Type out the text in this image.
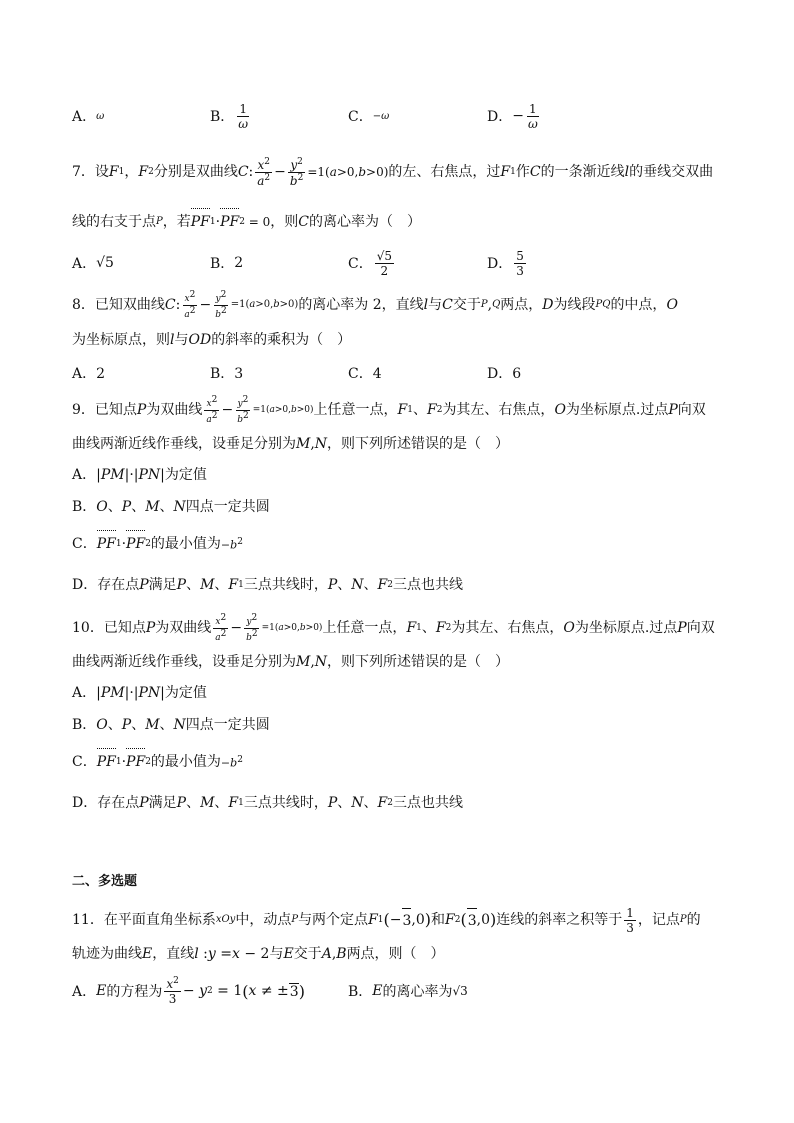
A． ω	B． $\frac{1}{\omega}$	C． −ω	D． − $\frac{1}{\omega}$
7．设 F 1 ， F 2 分别是双曲线 C : $\frac{x^2}{a^2} - \frac{y^2}{b^2} =1(a>0,b>0)$ 的左、右焦点，过 F 1 作 C 的一条渐近线 l 的垂线交双曲
线的右支于点 P ，若 PF 1 · PF 2 = 0 ，则 C 的离心率为（　）
A． √5	B． 2	C． $\frac{√5}{2}$	D． $\frac{5}{3}$
8．已知双曲线 C : $\frac{x2}{a2} - \frac{y2}{b2} =1(a>0,b>0)$ 的离心率为 2，直线 l 与 C 交于 P , Q 两点， D 为线段 PQ 的中点， O
为坐标原点，则 l 与 OD 的斜率的乘积为（　）
A．2	B．3	C．4	D．6
9．已知点 P 为双曲线 $\frac{x2}{a2} - \frac{y2}{b2} =1(a>0,b>0)$ 上任意一点， F 1 、 F 2 为其左、右焦点， O 为坐标原点.过点 P 向双
曲线两渐近线作垂线，设垂足分别为 M , N ，则下列所述错误的是（　）
A． | PM |·| PN | 为定值
B． O 、 P 、 M 、 N 四点一定共圆
C． PF 1 · PF 2 的最小值为 $-b^2$
D．存在点 P 满足 P 、 M 、 F 1 三点共线时， P 、 N 、 F 2 三点也共线
10．已知点 P 为双曲线 $\frac{x2}{a2} - \frac{y2}{b2} =1(a>0,b>0)$ 上任意一点， F 1 、 F 2 为其左、右焦点， O 为坐标原点.过点 P 向双
曲线两渐近线作垂线，设垂足分别为 M , N ，则下列所述错误的是（　）
A． | PM |·| PN | 为定值
B． O 、 P 、 M 、 N 四点一定共圆
C． PF 1 · PF 2 的最小值为 $-b^2$
D．存在点 P 满足 P 、 M 、 F 1 三点共线时， P 、 N 、 F 2 三点也共线
二、多选题
11．在平面直角坐标系 xOy 中，动点 P 与两个定点 F 1 ( − 3 ,0 ) 和 F 2 ( 3 ,0 ) 连线的斜率之积等于 $\frac{1}{3}$ ，记点 P 的
轨迹为曲线 E ，直线 l : y = x − 2 与 E 交于 A , B 两点，则（　）
A． E 的方程为 $\frac{x^2}{3} - y$ 2 = 1 ( x ≠ ± 3 )	B． E 的离心率为 √3
